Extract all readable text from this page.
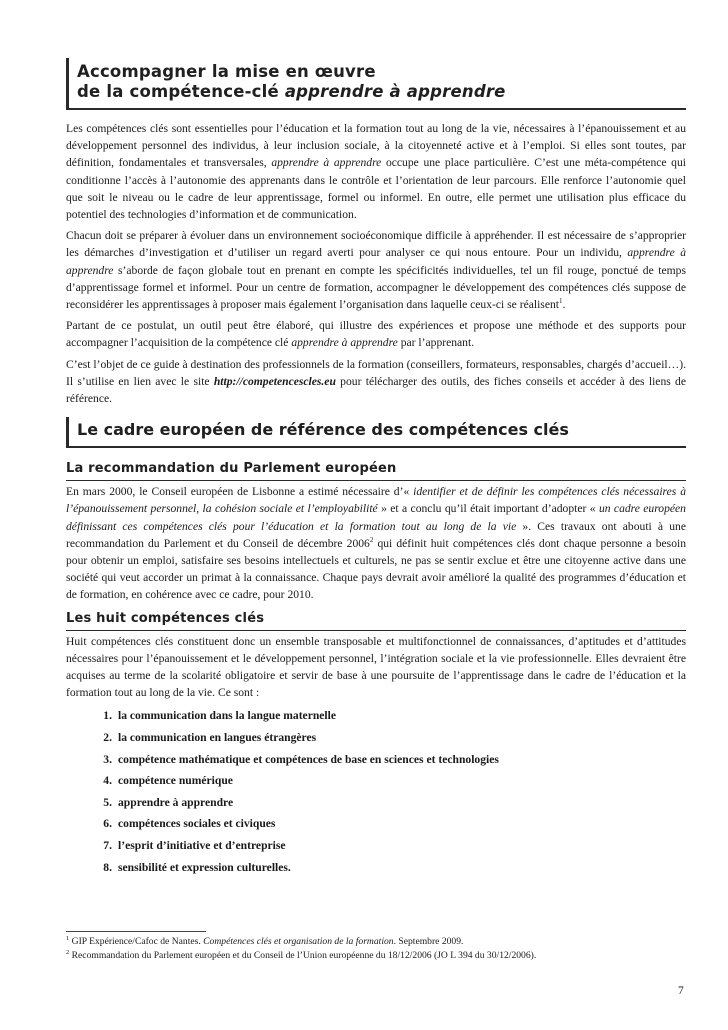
Accompagner la mise en œuvre
de la compétence-clé apprendre à apprendre

Les compétences clés sont essentielles pour l’éducation et la formation tout au long de la vie, nécessaires à l’épanouissement et au développement personnel des individus, à leur inclusion sociale, à la citoyenneté active et à l’emploi. Si elles sont toutes, par définition, fondamentales et transversales, apprendre à apprendre occupe une place particulière. C’est une méta-compétence qui conditionne l’accès à l’autonomie des apprenants dans le contrôle et l’orientation de leur parcours. Elle renforce l’autonomie quel que soit le niveau ou le cadre de leur apprentissage, formel ou informel. En outre, elle permet une utilisation plus efficace du potentiel des technologies d’information et de communication.

Chacun doit se préparer à évoluer dans un environnement socioéconomique difficile à appréhender. Il est nécessaire de s’approprier les démarches d’investigation et d’utiliser un regard averti pour analyser ce qui nous entoure. Pour un individu, apprendre à apprendre s’aborde de façon globale tout en prenant en compte les spécificités individuelles, tel un fil rouge, ponctué de temps d’apprentissage formel et informel. Pour un centre de formation, accompagner le développement des compétences clés suppose de reconsidérer les apprentissages à proposer mais également l’organisation dans laquelle ceux-ci se réalisent$^1$.

Partant de ce postulat, un outil peut être élaboré, qui illustre des expériences et propose une méthode et des supports pour accompagner l’acquisition de la compétence clé apprendre à apprendre par l’apprenant.

C’est l’objet de ce guide à destination des professionnels de la formation (conseillers, formateurs, responsables, chargés d’accueil…). Il s’utilise en lien avec le site http://competencescles.eu pour télécharger des outils, des fiches conseils et accéder à des liens de référence.

Le cadre européen de référence des compétences clés
La recommandation du Parlement européen

En mars 2000, le Conseil européen de Lisbonne a estimé nécessaire d’« identifier et de définir les compétences clés nécessaires à l’épanouissement personnel, la cohésion sociale et l’employabilité » et a conclu qu’il était important d’adopter « un cadre européen définissant ces compétences clés pour l’éducation et la formation tout au long de la vie ». Ces travaux ont abouti à une recommandation du Parlement et du Conseil de décembre 2006$^2$ qui définit huit compétences clés dont chaque personne a besoin pour obtenir un emploi, satisfaire ses besoins intellectuels et culturels, ne pas se sentir exclue et être une citoyenne active dans une société qui veut accorder un primat à la connaissance. Chaque pays devrait avoir amélioré la qualité des programmes d’éducation et de formation, en cohérence avec ce cadre, pour 2010.

Les huit compétences clés

Huit compétences clés constituent donc un ensemble transposable et multifonctionnel de connaissances, d’aptitudes et d’attitudes nécessaires pour l’épanouissement et le développement personnel, l’intégration sociale et la vie professionnelle. Elles devraient être acquises au terme de la scolarité obligatoire et servir de base à une poursuite de l’apprentissage dans le cadre de l’éducation et la formation tout au long de la vie. Ce sont :

1. la communication dans la langue maternelle
2. la communication en langues étrangères
3. compétence mathématique et compétences de base en sciences et technologies
4. compétence numérique
5. apprendre à apprendre
6. compétences sociales et civiques
7. l’esprit d’initiative et d’entreprise
8. sensibilité et expression culturelles.

$^1$ GIP Expérience/Cafoc de Nantes. Compétences clés et organisation de la formation. Septembre 2009.

$^2$ Recommandation du Parlement européen et du Conseil de l’Union européenne du 18/12/2006 (JO L 394 du 30/12/2006).

7
